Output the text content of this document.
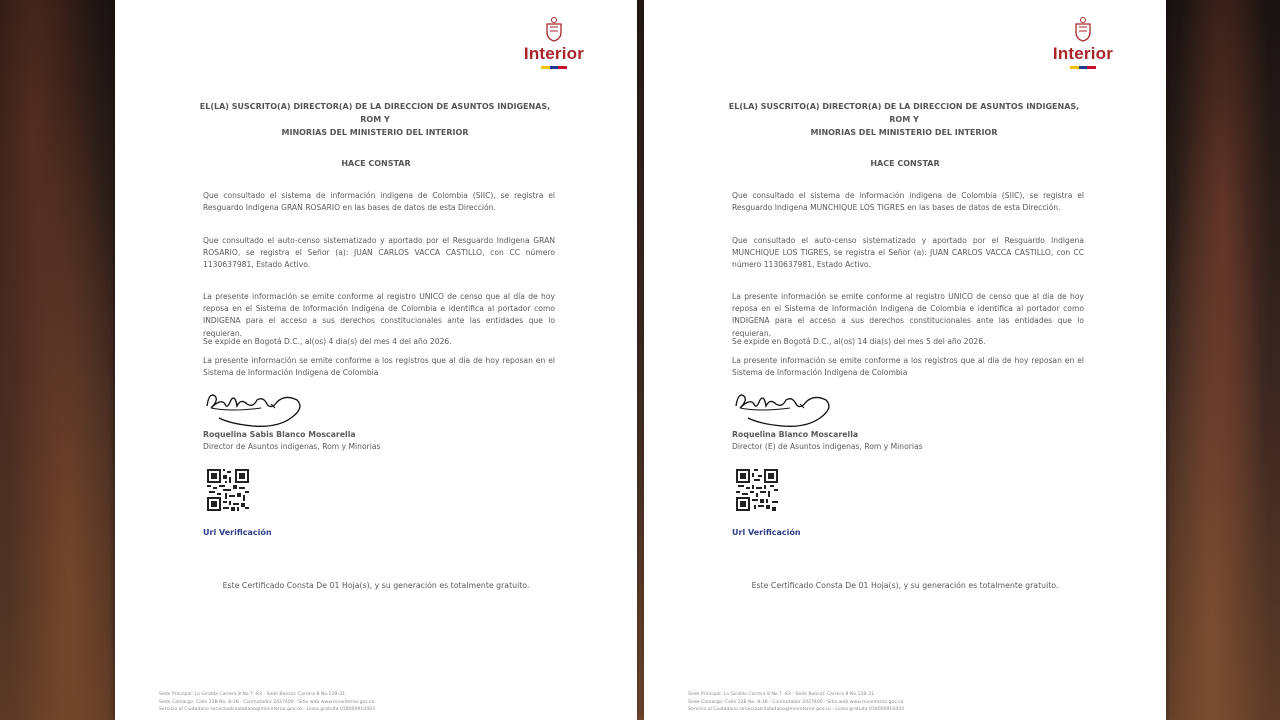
Interior

EL(LA) SUSCRITO(A) DIRECTOR(A) DE LA DIRECCION DE ASUNTOS INDIGENAS, ROM Y
MINORIAS DEL MINISTERIO DEL INTERIOR

HACE CONSTAR

Que consultado el sistema de información indigena de Colombia (SIIC), se registra el Resguardo Indigena GRAN ROSARIO en las bases de datos de esta Dirección.

Que consultado el auto-censo sistematizado y aportado por el Resguardo Indigena GRAN ROSARIO, se registra el Señor (a): JUAN CARLOS VACCA CASTILLO, con CC número 1130637981, Estado Activo.

La presente información se emite conforme al registro UNICO de censo que al día de hoy reposa en el Sistema de Información Indigena de Colombia e identifica al portador como INDIGENA para el acceso a sus derechos constitucionales ante las entidades que lo requieran.

Se expide en Bogotá D.C., al(os) 4 dia(s) del mes 4 del año 2026.

La presente información se emite conforme a los registros que al día de hoy reposan en el Sistema de Información Indigena de Colombia

Roquelina Sabis Blanco Moscarella

Director de Asuntos indigenas, Rom y Minorias

Url Verificación

Este Certificado Consta De 01 Hoja(s), y su generación es totalmente gratuito.

Sede Principal: La Giralda Carrera 8 No.7 -83 - Sede Bancol: Carrera 8 No.12B-31
Sede Camargo: Calle 12B No. 8-38 - Conmutador 2427400 - Sitio web www.mininterior.gov.co
Servicio al Ciudadano servicioalciudadano@mininterior.gov.co - Linea gratuita 018000910403

Interior

EL(LA) SUSCRITO(A) DIRECTOR(A) DE LA DIRECCION DE ASUNTOS INDIGENAS, ROM Y
MINORIAS DEL MINISTERIO DEL INTERIOR

HACE CONSTAR

Que consultado el sistema de información indigena de Colombia (SIIC), se registra el Resguardo Indigena MUNCHIQUE LOS TIGRES en las bases de datos de esta Dirección.

Que consultado el auto-censo sistematizado y aportado por el Resguardo Indigena MUNCHIQUE LOS TIGRES, se registra el Señor (a): JUAN CARLOS VACCA CASTILLO, con CC número 1130637981, Estado Activo.

La presente información se emite conforme al registro UNICO de censo que al día de hoy reposa en el Sistema de Información Indigena de Colombia e identifica al portador como INDIGENA para el acceso a sus derechos constitucionales ante las entidades que lo requieran.

Se expide en Bogotá D.C., al(os) 14 dia(s) del mes 5 del año 2026.

La presente información se emite conforme a los registros que al día de hoy reposan en el Sistema de Información Indigena de Colombia

Roquelina Blanco Moscarella

Director (E) de Asuntos indigenas, Rom y Minorias

Url Verificación

Este Certificado Consta De 01 Hoja(s), y su generación es totalmente gratuito.

Sede Principal: La Giralda Carrera 8 No.7 -83 - Sede Bancol: Carrera 8 No.12B-31
Sede Camargo: Calle 12B No. 8-38 - Conmutador 2427400 - Sitio web www.mininterior.gov.co
Servicio al Ciudadano servicioalciudadano@mininterior.gov.co - Linea gratuita 018000910403
